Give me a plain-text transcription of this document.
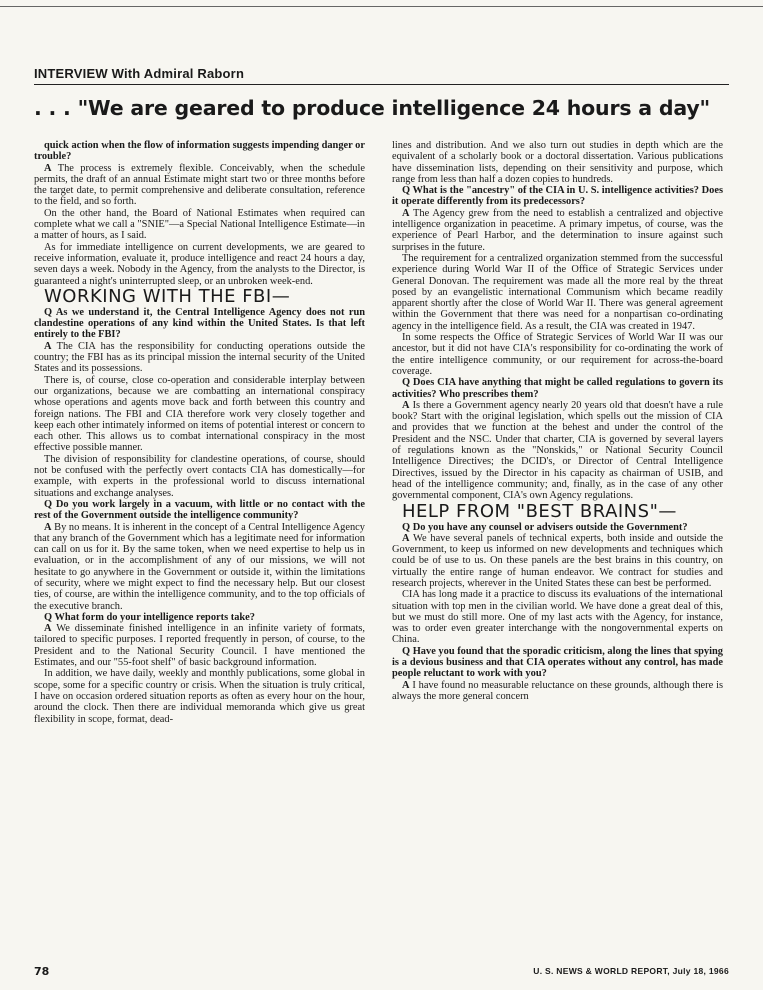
INTERVIEW With Admiral Raborn
. . . "We are geared to produce intelligence 24 hours a day"

quick action when the flow of information suggests impending danger or trouble?

A The process is extremely flexible. Conceivably, when the schedule permits, the draft of an annual Estimate might start two or three months before the target date, to permit comprehensive and deliberate consultation, reference to the field, and so forth.

On the other hand, the Board of National Estimates when required can complete what we call a "SNIE"—a Special National Intelligence Estimate—in a matter of hours, as I said.

As for immediate intelligence on current developments, we are geared to receive information, evaluate it, produce intelligence and react 24 hours a day, seven days a week. Nobody in the Agency, from the analysts to the Director, is guaranteed a night's uninterrupted sleep, or an unbroken week-end.

WORKING WITH THE FBI—

Q As we understand it, the Central Intelligence Agency does not run clandestine operations of any kind within the United States. Is that left entirely to the FBI?

A The CIA has the responsibility for conducting operations outside the country; the FBI has as its principal mission the internal security of the United States and its possessions.

There is, of course, close co-operation and considerable interplay between our organizations, because we are combatting an international conspiracy whose operations and agents move back and forth between this country and foreign nations. The FBI and CIA therefore work very closely together and keep each other intimately informed on items of potential interest or concern to each other. This allows us to combat international conspiracy in the most effective possible manner.

The division of responsibility for clandestine operations, of course, should not be confused with the perfectly overt contacts CIA has domestically—for example, with experts in the professional world to discuss international situations and exchange analyses.

Q Do you work largely in a vacuum, with little or no contact with the rest of the Government outside the intelligence community?

A By no means. It is inherent in the concept of a Central Intelligence Agency that any branch of the Government which has a legitimate need for information can call on us for it. By the same token, when we need expertise to help us in evaluation, or in the accomplishment of any of our missions, we will not hesitate to go anywhere in the Government or outside it, within the limitations of security, where we might expect to find the necessary help. But our closest ties, of course, are within the intelligence community, and to the top officials of the executive branch.

Q What form do your intelligence reports take?

A We disseminate finished intelligence in an infinite variety of formats, tailored to specific purposes. I reported frequently in person, of course, to the President and to the National Security Council. I have mentioned the Estimates, and our "55-foot shelf" of basic background information.

In addition, we have daily, weekly and monthly publications, some global in scope, some for a specific country or crisis. When the situation is truly critical, I have on occasion ordered situation reports as often as every hour on the hour, around the clock. Then there are individual memoranda which give us great flexibility in scope, format, dead-

lines and distribution. And we also turn out studies in depth which are the equivalent of a scholarly book or a doctoral dissertation. Various publications have dissemination lists, depending on their sensitivity and purpose, which range from less than half a dozen copies to hundreds.

Q What is the "ancestry" of the CIA in U. S. intelligence activities? Does it operate differently from its predecessors?

A The Agency grew from the need to establish a centralized and objective intelligence organization in peacetime. A primary impetus, of course, was the experience of Pearl Harbor, and the determination to insure against such surprises in the future.

The requirement for a centralized organization stemmed from the successful experience during World War II of the Office of Strategic Services under General Donovan. The requirement was made all the more real by the threat posed by an evangelistic international Communism which became readily apparent shortly after the close of World War II. There was general agreement within the Government that there was need for a nonpartisan co-ordinating agency in the intelligence field. As a result, the CIA was created in 1947.

In some respects the Office of Strategic Services of World War II was our ancestor, but it did not have CIA's responsibility for co-ordinating the work of the entire intelligence community, or our requirement for across-the-board coverage.

Q Does CIA have anything that might be called regulations to govern its activities? Who prescribes them?

A Is there a Government agency nearly 20 years old that doesn't have a rule book? Start with the original legislation, which spells out the mission of CIA and provides that we function at the behest and under the control of the President and the NSC. Under that charter, CIA is governed by several layers of regulations known as the "Nonskids," or National Security Council Intelligence Directives; the DCID's, or Director of Central Intelligence Directives, issued by the Director in his capacity as chairman of USIB, and head of the intelligence community; and, finally, as in the case of any other governmental component, CIA's own Agency regulations.

HELP FROM "BEST BRAINS"—

Q Do you have any counsel or advisers outside the Government?

A We have several panels of technical experts, both inside and outside the Government, to keep us informed on new developments and techniques which could be of use to us. On these panels are the best brains in this country, on virtually the entire range of human endeavor. We contract for studies and research projects, wherever in the United States these can best be performed.

CIA has long made it a practice to discuss its evaluations of the international situation with top men in the civilian world. We have done a great deal of this, but we must do still more. One of my last acts with the Agency, for instance, was to order even greater interchange with the nongovernmental experts on China.

Q Have you found that the sporadic criticism, along the lines that spying is a devious business and that CIA operates without any control, has made people reluctant to work with you?

A I have found no measurable reluctance on these grounds, although there is always the more general concern

78	U. S. NEWS & WORLD REPORT, July 18, 1966
